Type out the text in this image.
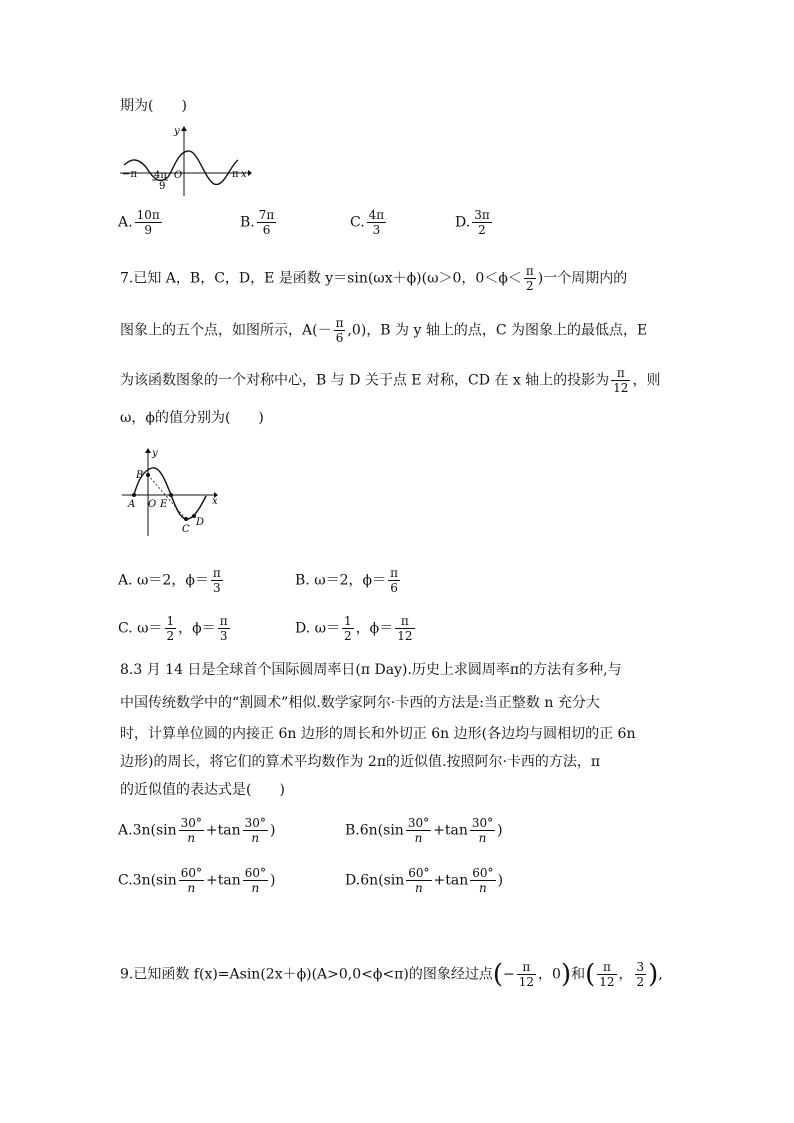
期为(　　)
y
−π 4π
9
O	π x
A. $\frac{10\pi}{9}$	B. $\frac{7\pi}{6}$	C. $\frac{4\pi}{3}$	D. $\frac{3\pi}{2}$
7.已知 A，B，C，D，E 是函数 y＝sin(ωx＋ϕ)(ω＞0，$0<\phi< \frac{\pi}{2}$ )一个周期内的
图象上的五个点，如图所示，$A(- \frac{\pi}{6} ,0)$，B 为 y 轴上的点，C 为图象上的最低点，E
为该函数图象的一个对称中心，B 与 D 关于点 E 对称，CD 在 x 轴上的投影为 $\frac{\pi}{12}$ ，则
ω，ϕ的值分别为(　　)
y
x
B
A O E
C
D
A. ω＝2，$\phi= \frac{\pi}{3}$	B. ω＝2，$\phi= \frac{\pi}{6}$
C. $\omega= \frac{1}{2}$ ，$\phi= \frac{\pi}{3}$	D. $\omega= \frac{1}{2}$ ，$\phi= \frac{\pi}{12}$
8.3 月 14 日是全球首个国际圆周率日(π Day).历史上求圆周率π的方法有多种,与
中国传统数学中的“割圆术”相似.数学家阿尔·卡西的方法是:当正整数 n 充分大
时，计算单位圆的内接正 6n 边形的周长和外切正 6n 边形(各边均与圆相切的正 6n
边形)的周长，将它们的算术平均数作为 2π的近似值.按照阿尔·卡西的方法，π
的近似值的表达式是(　　)
$A.3n(\sin \frac{30^\circ}{n} +\tan \frac{30^\circ}{n}$ )	$B.6n(\sin \frac{30^\circ}{n} +\tan \frac{30^\circ}{n}$ )
$C.3n(\sin \frac{60^\circ}{n} +\tan \frac{60^\circ}{n}$ )	$D.6n(\sin \frac{60^\circ}{n} +\tan \frac{60^\circ}{n}$ )
9.已知函数 f(x)=Asin(2x＋ϕ)(A>0,0<ϕ<π)的图象经过点(− $\frac{\pi}{12}$ ，0)和( $\frac{\pi}{12}$ ， $\frac{3}{2}$ ),
